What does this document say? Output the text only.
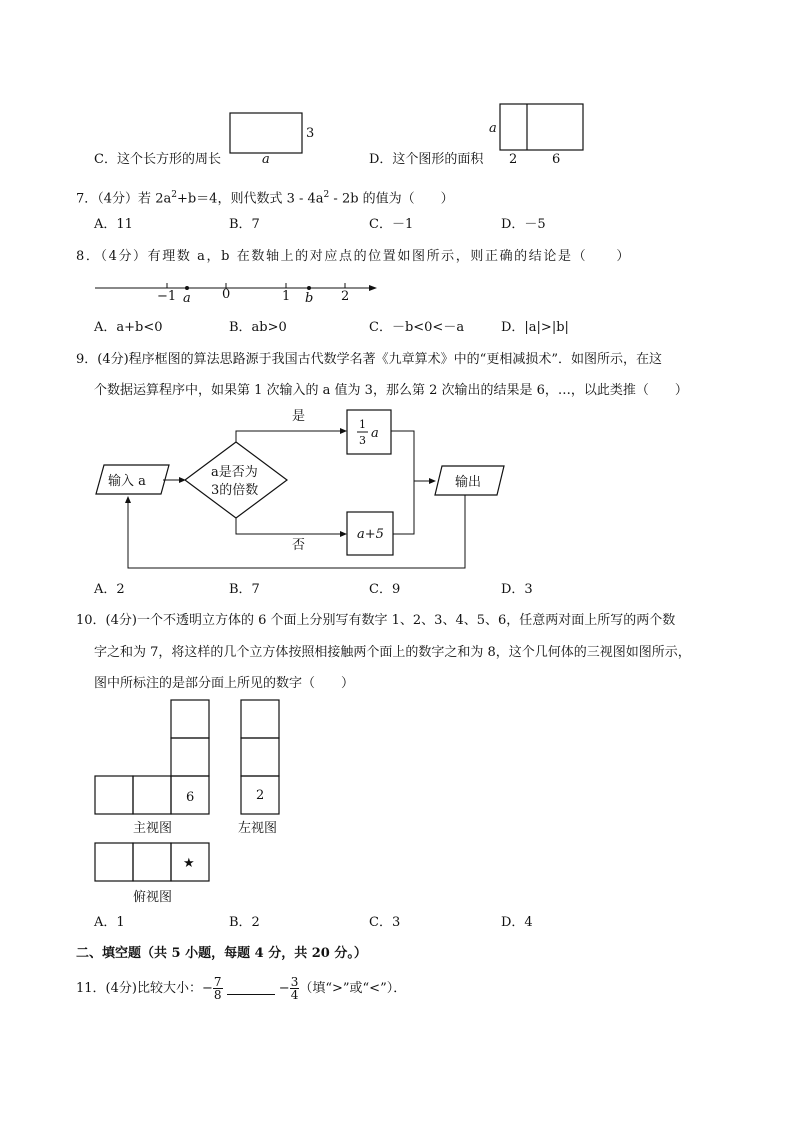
C．这个长方形的周长
3
a
a
2	6
D．这个图形的面积
7．（4分）若 $2a^2+b=4$，则代数式 $3 - 4a^2 - 2b$ 的值为（　　）
A．11	B．7	C．－1	D．－5
8．（4分）有理数 a，b 在数轴上的对应点的位置如图所示，则正确的结论是（　　）
−1	0	1	2
a	b
A．a+b<0	B．ab>0	C．－b<0<－a	D．|a|>|b|
9．(4分)程序框图的算法思路源于我国古代数学名著《九章算术》中的“更相减损术”．如图所示，在这
个数据运算程序中，如果第 1 次输入的 a 值为 3，那么第 2 次输出的结果是 6，…，以此类推（　　）
输入 a
a是否为
3的倍数
是
1
3 a
否
a+5
输出
A．2	B．7	C．9	D．3
10．(4分)一个不透明立方体的 6 个面上分别写有数字 1、2、3、4、5、6，任意两对面上所写的两个数
字之和为 7，将这样的几个立方体按照相接触两个面上的数字之和为 8，这个几何体的三视图如图所示，
图中所标注的是部分面上所见的数字（　　）
6
主视图
2
左视图
★
俯视图
A．1	B．2	C．3	D．4
二、填空题（共 5 小题，每题 4 分，共 20 分。）
11．(4分)比较大小：− $\frac{7}{8}$	− $\frac{3}{4}$ （填“>”或“<”）．
